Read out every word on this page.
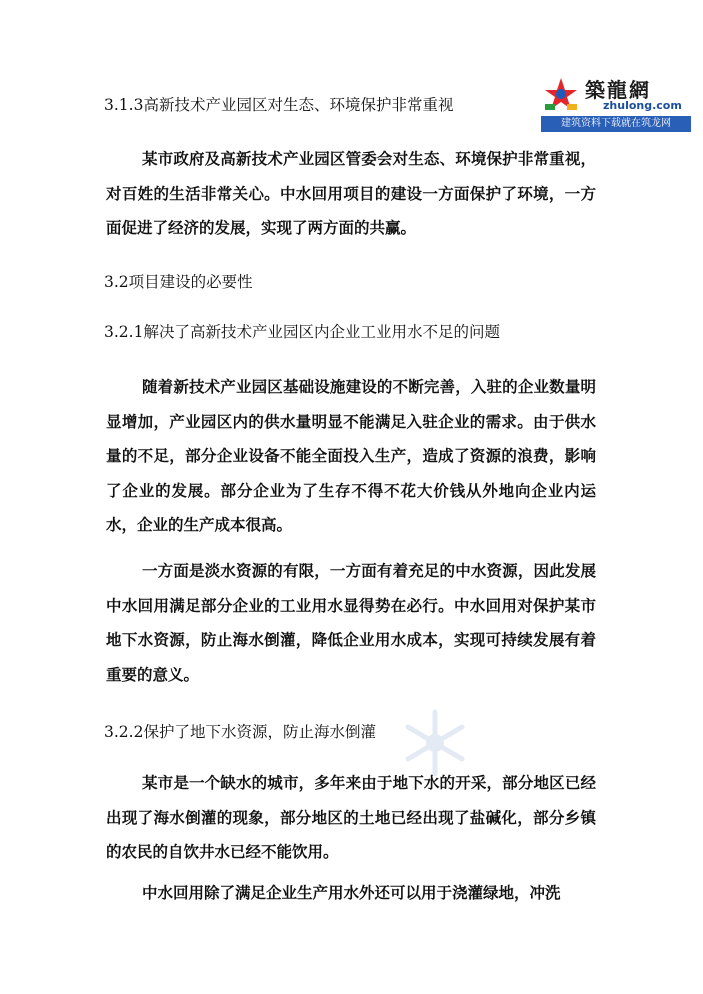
築龍網
zhulong.com
建筑资料下载就在筑龙网
3.1.3高新技术产业园区对生态、环境保护非常重视

某市政府及高新技术产业园区管委会对生态、环境保护非常重视，对百姓的生活非常关心。中水回用项目的建设一方面保护了环境，一方面促进了经济的发展，实现了两方面的共赢。

3.2项目建设的必要性
3.2.1解决了高新技术产业园区内企业工业用水不足的问题

随着新技术产业园区基础设施建设的不断完善，入驻的企业数量明显增加，产业园区内的供水量明显不能满足入驻企业的需求。由于供水量的不足，部分企业设备不能全面投入生产，造成了资源的浪费，影响了企业的发展。部分企业为了生存不得不花大价钱从外地向企业内运水，企业的生产成本很高。

一方面是淡水资源的有限，一方面有着充足的中水资源，因此发展中水回用满足部分企业的工业用水显得势在必行。中水回用对保护某市地下水资源，防止海水倒灌，降低企业用水成本，实现可持续发展有着重要的意义。

3.2.2保护了地下水资源，防止海水倒灌

某市是一个缺水的城市，多年来由于地下水的开采，部分地区已经出现了海水倒灌的现象，部分地区的土地已经出现了盐碱化，部分乡镇的农民的自饮井水已经不能饮用。

中水回用除了满足企业生产用水外还可以用于浇灌绿地，冲洗
